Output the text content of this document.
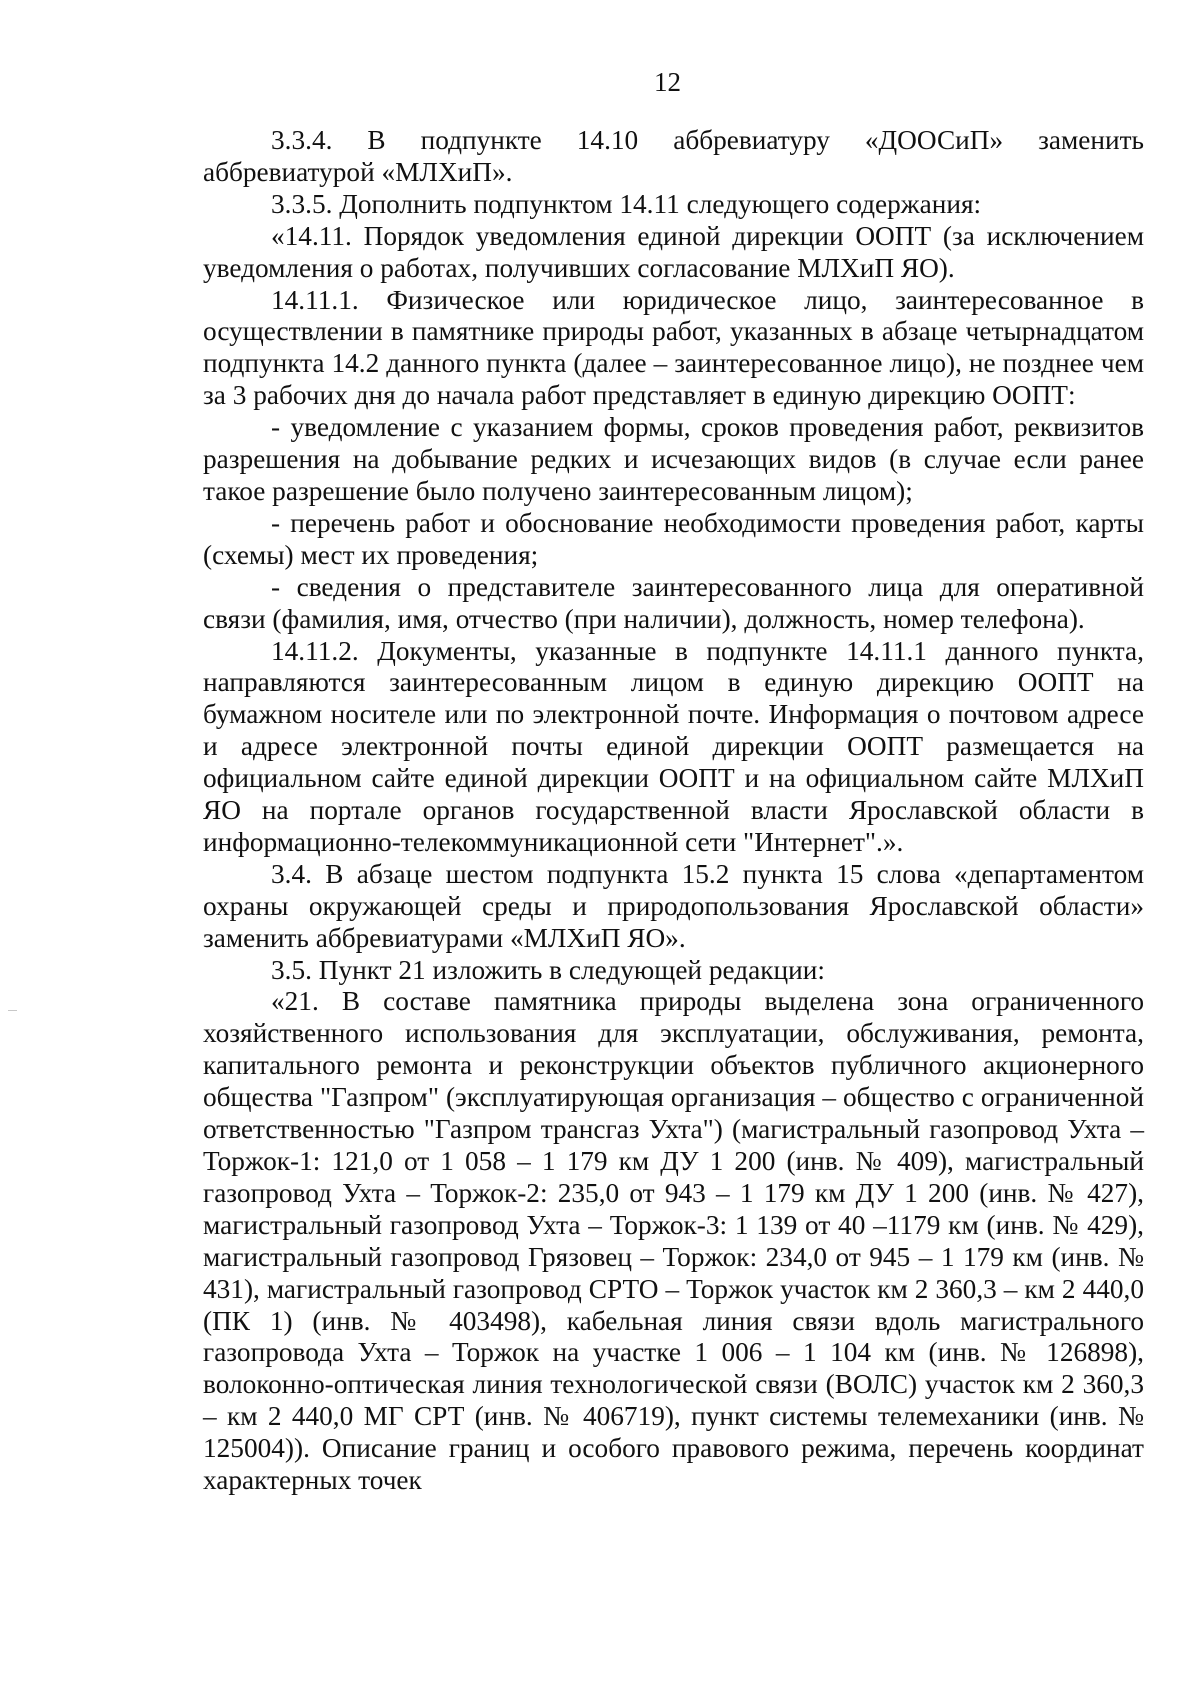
12

3.3.4. В подпункте 14.10 аббревиатуру «ДООСиП» заменить аббревиатурой «МЛХиП».

3.3.5. Дополнить подпунктом 14.11 следующего содержания:

«14.11. Порядок уведомления единой дирекции ООПТ (за исключением уведомления о работах, получивших согласование МЛХиП ЯО).

14.11.1. Физическое или юридическое лицо, заинтересованное в осуществлении в памятнике природы работ, указанных в абзаце четырнадцатом подпункта 14.2 данного пункта (далее – заинтересованное лицо), не позднее чем за 3 рабочих дня до начала работ представляет в единую дирекцию ООПТ:

- уведомление с указанием формы, сроков проведения работ, реквизитов разрешения на добывание редких и исчезающих видов (в случае если ранее такое разрешение было получено заинтересованным лицом);

- перечень работ и обоснование необходимости проведения работ, карты (схемы) мест их проведения;

- сведения о представителе заинтересованного лица для оперативной связи (фамилия, имя, отчество (при наличии), должность, номер телефона).

14.11.2. Документы, указанные в подпункте 14.11.1 данного пункта, направляются заинтересованным лицом в единую дирекцию ООПТ на бумажном носителе или по электронной почте. Информация о почтовом адресе и адресе электронной почты единой дирекции ООПТ размещается на официальном сайте единой дирекции ООПТ и на официальном сайте МЛХиП ЯО на портале органов государственной власти Ярославской области в информационно-телекоммуникационной сети "Интернет".».

3.4. В абзаце шестом подпункта 15.2 пункта 15 слова «департаментом охраны окружающей среды и природопользования Ярославской области» заменить аббревиатурами «МЛХиП ЯО».

3.5. Пункт 21 изложить в следующей редакции:

«21. В составе памятника природы выделена зона ограниченного хозяйственного использования для эксплуатации, обслуживания, ремонта, капитального ремонта и реконструкции объектов публичного акционерного общества "Газпром" (эксплуатирующая организация – общество с ограниченной ответственностью "Газпром трансгаз Ухта") (магистральный газопровод Ухта – Торжок-1: 121,0 от 1 058 – 1 179 км ДУ 1 200 (инв. № 409), магистральный газопровод Ухта – Торжок-2: 235,0 от 943 – 1 179 км ДУ 1 200 (инв. № 427), магистральный газопровод Ухта – Торжок-3: 1 139 от 40 –1179 км (инв. № 429), магистральный газопровод Грязовец – Торжок: 234,0 от 945 – 1 179 км (инв. № 431), магистральный газопровод СРТО – Торжок участок км 2 360,3 – км 2 440,0 (ПК 1) (инв. № 403498), кабельная линия связи вдоль магистрального газопровода Ухта – Торжок на участке 1 006 – 1 104 км (инв. № 126898), волоконно-оптическая линия технологической связи (ВОЛС) участок км 2 360,3 – км 2 440,0 МГ СРТ (инв. № 406719), пункт системы телемеханики (инв. № 125004)). Описание границ и особого правового режима, перечень координат характерных точек
